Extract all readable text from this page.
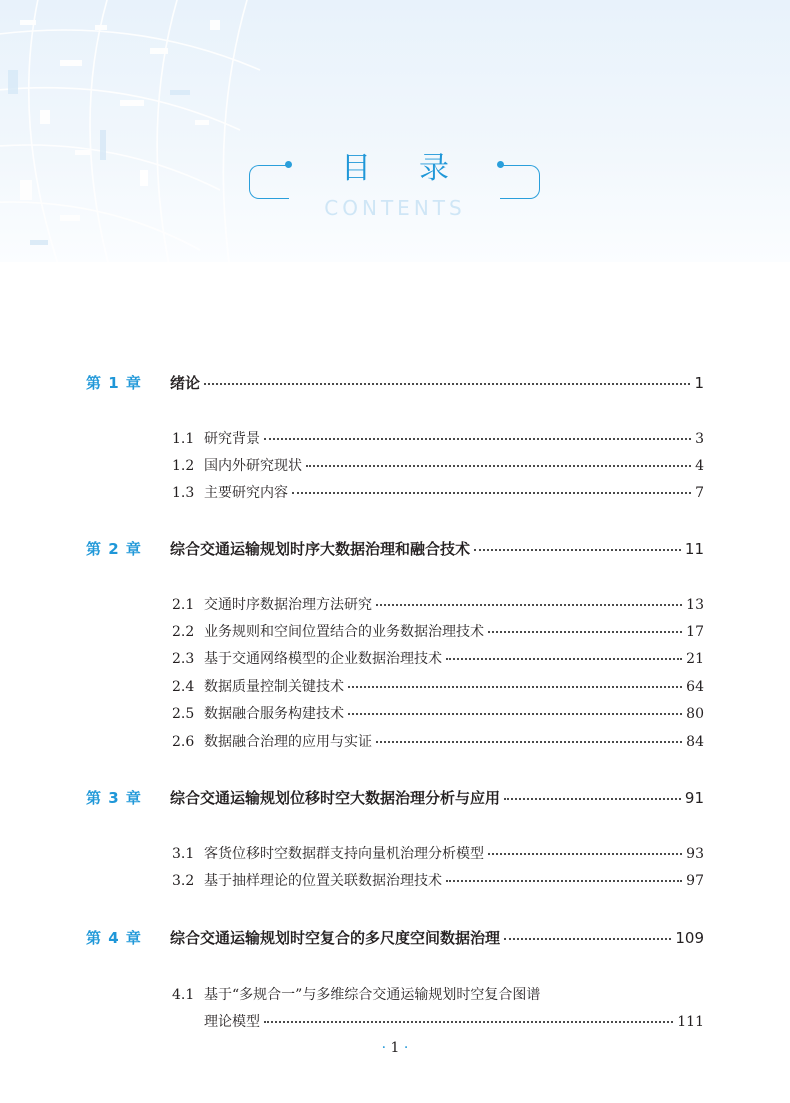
目录
CONTENTS
第 1 章	绪论	1
1.1 研究背景	3
1.2 国内外研究现状	4
1.3 主要研究内容	7
第 2 章	综合交通运输规划时序大数据治理和融合技术	11
2.1 交通时序数据治理方法研究	13
2.2 业务规则和空间位置结合的业务数据治理技术	17
2.3 基于交通网络模型的企业数据治理技术	21
2.4 数据质量控制关键技术	64
2.5 数据融合服务构建技术	80
2.6 数据融合治理的应用与实证	84
第 3 章	综合交通运输规划位移时空大数据治理分析与应用	91
3.1 客货位移时空数据群支持向量机治理分析模型	93
3.2 基于抽样理论的位置关联数据治理技术	97
第 4 章	综合交通运输规划时空复合的多尺度空间数据治理	109
4.1 基于“多规合一”与多维综合交通运输规划时空复合图谱
理论模型	111
· 1 ·
